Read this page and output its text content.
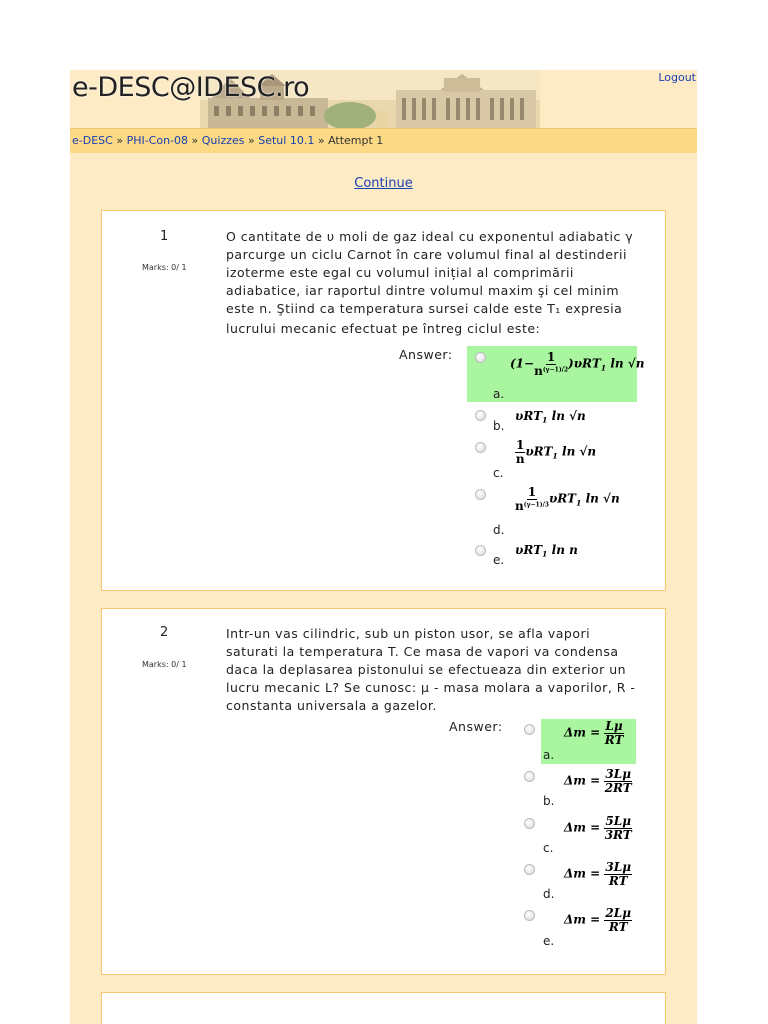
e-DESC@IDESC.ro	Logout
e-DESC » PHI-Con-08 » Quizzes » Setul 10.1 » Attempt 1
Continue
1
Marks: 0/ 1
O cantitate de υ moli de gaz ideal cu exponentul adiabatic γ
parcurge un ciclu Carnot în care volumul final al destinderii
izoterme este egal cu volumul inițial al comprimării
adiabatice, iar raportul dintre volumul maxim şi cel minim
este n. Ştiind ca temperatura sursei calde este T₁ expresia
lucrului mecanic efectuat pe întreg ciclul este:
Answer:
a.
$(1- \frac{1}{n^{(\gamma-1)/2}} )\upsilon RT_1$ ln √n
b.
υRT$_1$ ln √n
c.
$\frac{1}{n} \upsilon RT_1$ ln √n
d.
$\frac{1}{n^{(\gamma-1)/3}} \upsilon RT_1$ ln √n
e.
υRT$_1$ ln n
2
Marks: 0/ 1
Intr-un vas cilindric, sub un piston usor, se afla vapori
saturati la temperatura T. Ce masa de vapori va condensa
daca la deplasarea pistonului se efectueaza din exterior un
lucru mecanic L? Se cunosc: μ - masa molara a vaporilor, R -
constanta universala a gazelor.
Answer:
a.
$\Delta m = \frac{L\mu}{RT}$
b.
$\Delta m = \frac{3L\mu}{2RT}$
c.
$\Delta m = \frac{5L\mu}{3RT}$
d.
$\Delta m = \frac{3L\mu}{RT}$
e.
$\Delta m = \frac{2L\mu}{RT}$
